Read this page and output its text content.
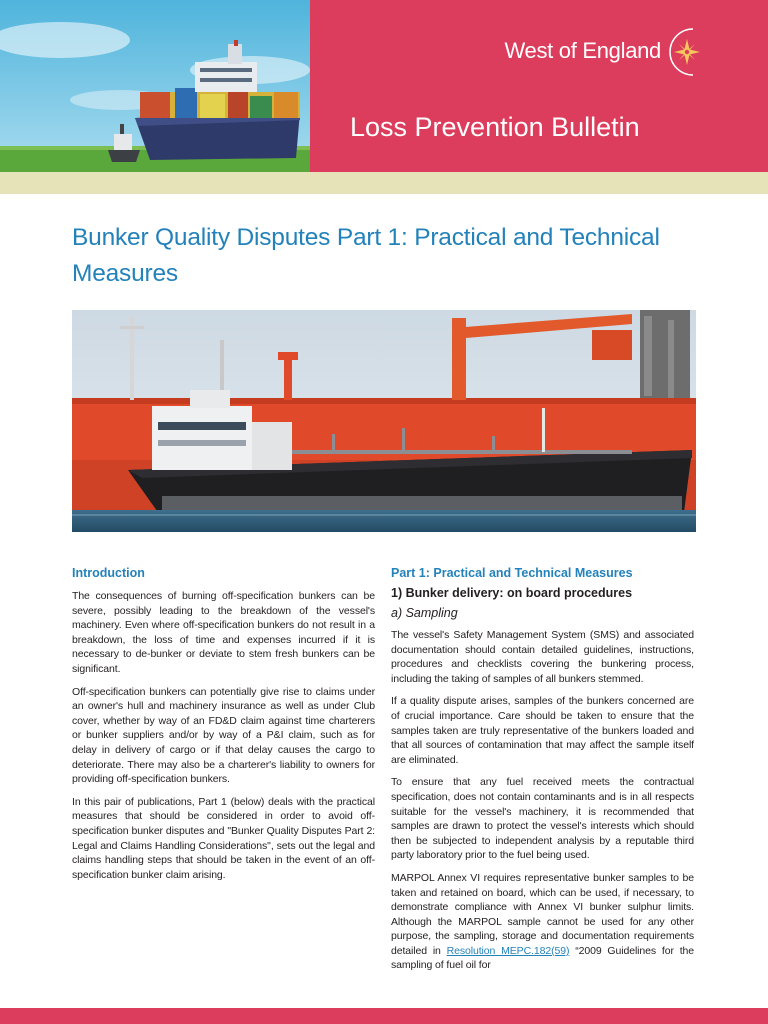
West of England
Loss Prevention Bulletin
Bunker Quality Disputes Part 1: Practical and Technical Measures
Introduction

The consequences of burning off-specification bunkers can be severe, possibly leading to the breakdown of the vessel's machinery. Even where off-specification bunkers do not result in a breakdown, the loss of time and expenses incurred if it is necessary to de-bunker or deviate to stem fresh bunkers can be significant.

Off-specification bunkers can potentially give rise to claims under an owner's hull and machinery insurance as well as under Club cover, whether by way of an FD&D claim against time charterers or bunker suppliers and/or by way of a P&I claim, such as for delay in delivery of cargo or if that delay causes the cargo to deteriorate. There may also be a charterer's liability to owners for providing off-specification bunkers.

In this pair of publications, Part 1 (below) deals with the practical measures that should be considered in order to avoid off-specification bunker disputes and "Bunker Quality Disputes Part 2: Legal and Claims Handling Considerations", sets out the legal and claims handling steps that should be taken in the event of an off-specification bunker claim arising.

Part 1: Practical and Technical Measures
1) Bunker delivery: on board procedures
a) Sampling

The vessel's Safety Management System (SMS) and associated documentation should contain detailed guidelines, instructions, procedures and checklists covering the bunkering process, including the taking of samples of all bunkers stemmed.

If a quality dispute arises, samples of the bunkers concerned are of crucial importance. Care should be taken to ensure that the samples taken are truly representative of the bunkers loaded and that all sources of contamination that may affect the sample itself are eliminated.

To ensure that any fuel received meets the contractual specification, does not contain contaminants and is in all respects suitable for the vessel's machinery, it is recommended that samples are drawn to protect the vessel's interests which should then be subjected to independent analysis by a reputable third party laboratory prior to the fuel being used.

MARPOL Annex VI requires representative bunker samples to be taken and retained on board, which can be used, if necessary, to demonstrate compliance with Annex VI bunker sulphur limits. Although the MARPOL sample cannot be used for any other purpose, the sampling, storage and documentation requirements detailed in Resolution MEPC.182(59) “2009 Guidelines for the sampling of fuel oil for
